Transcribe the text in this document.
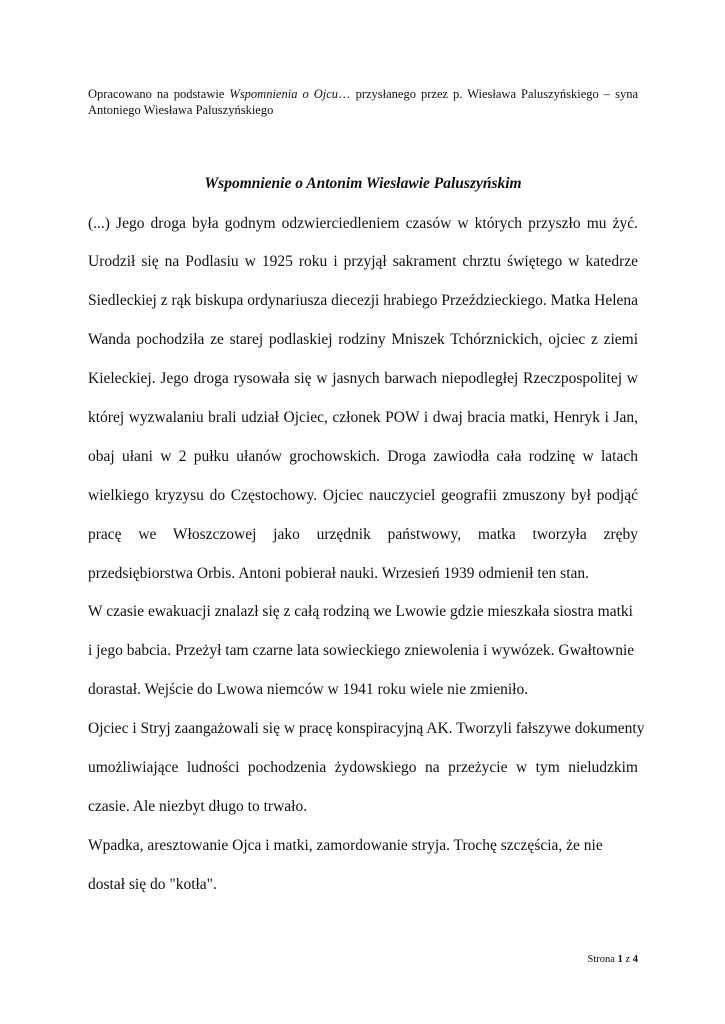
Opracowano na podstawie Wspomnienia o Ojcu… przysłanego przez p. Wiesława Paluszyńskiego – syna
Antoniego Wiesława Paluszyńskiego
Wspomnienie o Antonim Wiesławie Paluszyńskim
(...) Jego droga była godnym odzwierciedleniem czasów w których przyszło mu żyć.
Urodził się na Podlasiu w 1925 roku i przyjął sakrament chrztu świętego w katedrze
Siedleckiej z rąk biskupa ordynariusza diecezji hrabiego Przeździeckiego. Matka Helena
Wanda pochodziła ze starej podlaskiej rodziny Mniszek Tchórznickich, ojciec z ziemi
Kieleckiej. Jego droga rysowała się w jasnych barwach niepodległej Rzeczpospolitej w
której wyzwalaniu brali udział Ojciec, członek POW i dwaj bracia matki, Henryk i Jan,
obaj ułani w 2 pułku ułanów grochowskich. Droga zawiodła cała rodzinę w latach
wielkiego kryzysu do Częstochowy. Ojciec nauczyciel geografii zmuszony był podjąć
pracę we Włoszczowej jako urzędnik państwowy, matka tworzyła zręby
przedsiębiorstwa Orbis. Antoni pobierał nauki. Wrzesień 1939 odmienił ten stan.
W czasie ewakuacji znalazł się z całą rodziną we Lwowie gdzie mieszkała siostra matki
i jego babcia. Przeżył tam czarne lata sowieckiego zniewolenia i wywózek. Gwałtownie
dorastał. Wejście do Lwowa niemców w 1941 roku wiele nie zmieniło.
Ojciec i Stryj zaangażowali się w pracę konspiracyjną AK. Tworzyli fałszywe dokumenty
umożliwiające ludności pochodzenia żydowskiego na przeżycie w tym nieludzkim
czasie. Ale niezbyt długo to trwało.
Wpadka, aresztowanie Ojca i matki, zamordowanie stryja. Trochę szczęścia, że nie
dostał się do "kotła".
Strona 1 z 4
